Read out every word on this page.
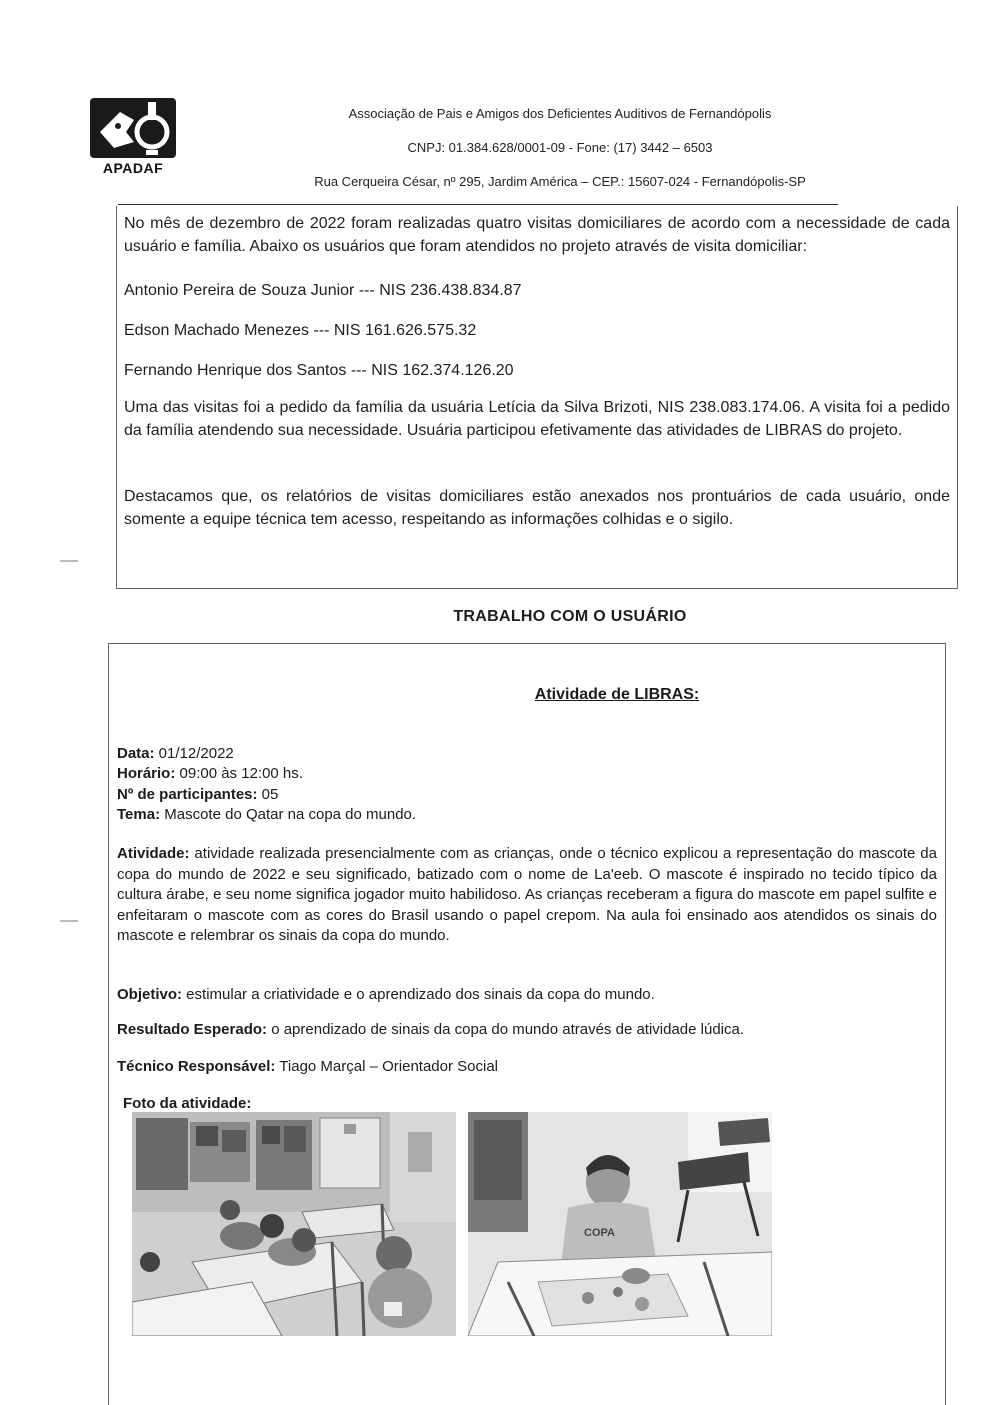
APADAF
Associação de Pais e Amigos dos Deficientes Auditivos de Fernandópolis
CNPJ: 01.384.628/0001-09 - Fone: (17) 3442 – 6503
Rua Cerqueira César, nº 295, Jardim América – CEP.: 15607-024 - Fernandópolis-SP
No mês de dezembro de 2022 foram realizadas quatro visitas domiciliares de acordo com a necessidade de cada usuário e família. Abaixo os usuários que foram atendidos no projeto através de visita domiciliar:
Antonio Pereira de Souza Junior --- NIS 236.438.834.87
Edson Machado Menezes --- NIS 161.626.575.32
Fernando Henrique dos Santos --- NIS 162.374.126.20
Uma das visitas foi a pedido da família da usuária Letícia da Silva Brizoti, NIS 238.083.174.06. A visita foi a pedido da família atendendo sua necessidade. Usuária participou efetivamente das atividades de LIBRAS do projeto.
Destacamos que, os relatórios de visitas domiciliares estão anexados nos prontuários de cada usuário, onde somente a equipe técnica tem acesso, respeitando as informações colhidas e o sigilo.
TRABALHO COM O USUÁRIO
Atividade de LIBRAS:
Data: 01/12/2022
Horário: 09:00 às 12:00 hs.
Nº de participantes: 05
Tema: Mascote do Qatar na copa do mundo.
Atividade: atividade realizada presencialmente com as crianças, onde o técnico explicou a representação do mascote da copa do mundo de 2022 e seu significado, batizado com o nome de La'eeb. O mascote é inspirado no tecido típico da cultura árabe, e seu nome significa jogador muito habilidoso. As crianças receberam a figura do mascote em papel sulfite e enfeitaram o mascote com as cores do Brasil usando o papel crepom. Na aula foi ensinado aos atendidos os sinais do mascote e relembrar os sinais da copa do mundo.
Objetivo: estimular a criatividade e o aprendizado dos sinais da copa do mundo.
Resultado Esperado: o aprendizado de sinais da copa do mundo através de atividade lúdica.
Técnico Responsável: Tiago Marçal – Orientador Social
Foto da atividade:
COPA
